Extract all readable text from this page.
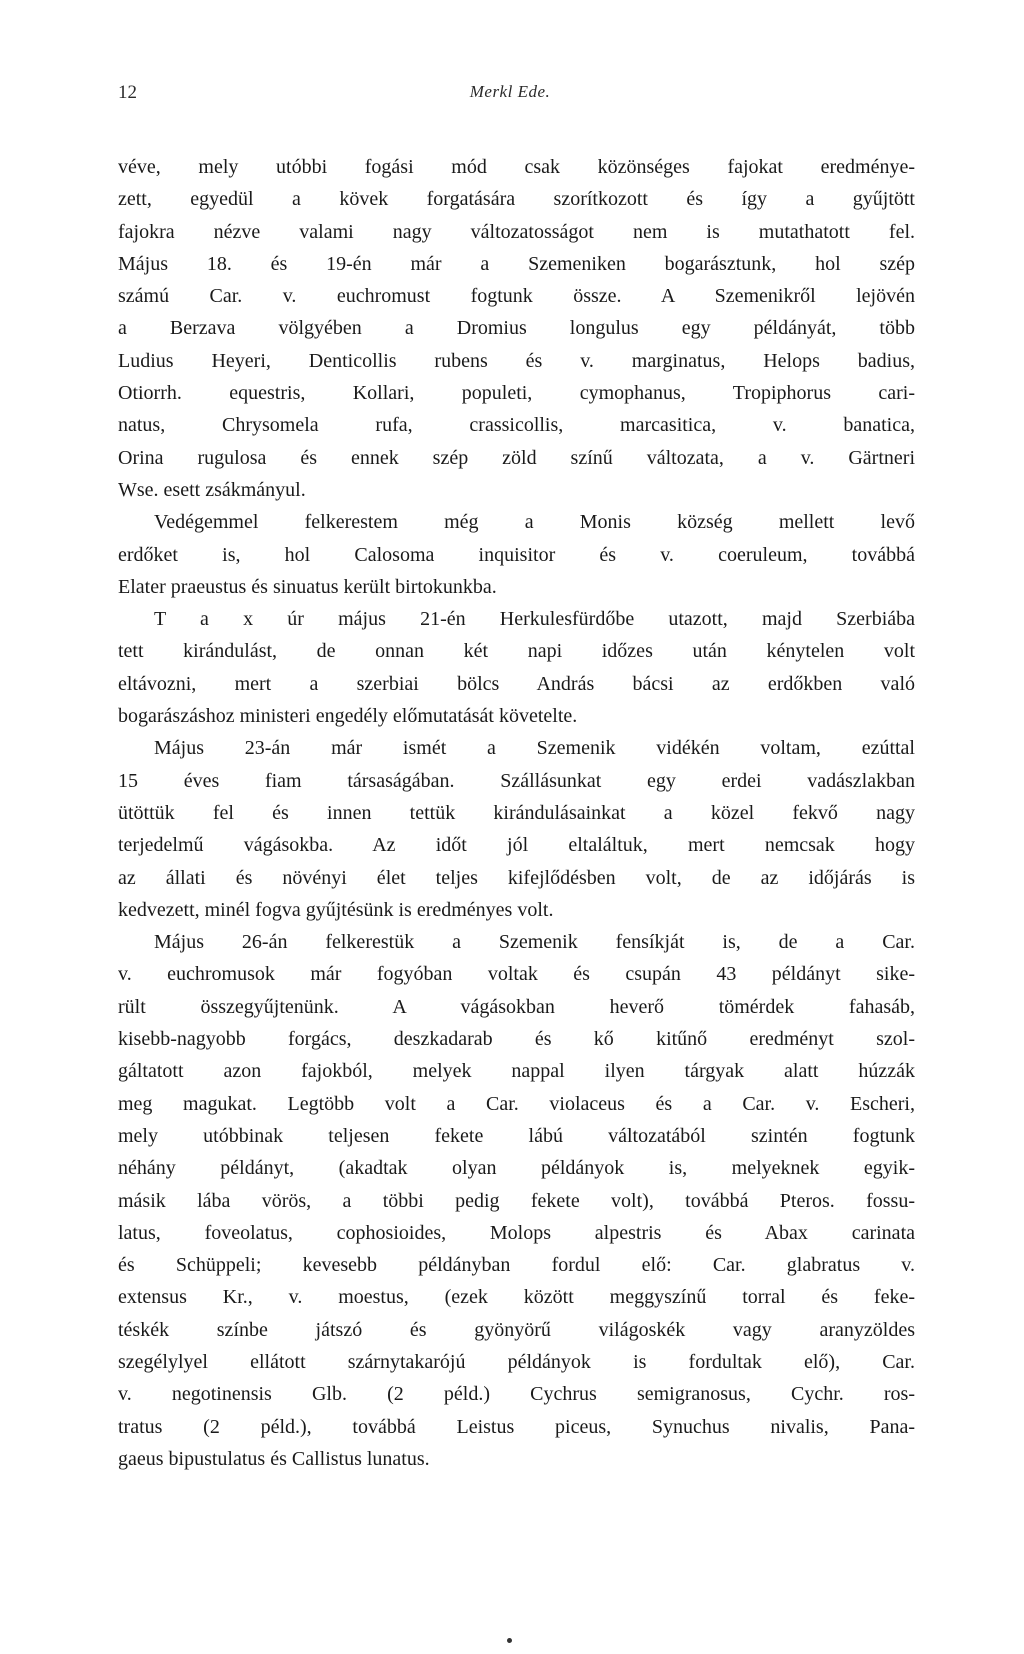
12	Merkl Ede.
véve, mely utóbbi fogási mód csak közönséges fajokat eredménye-
zett, egyedül a kövek forgatására szorítkozott és így a gyűjtött
fajokra nézve valami nagy változatosságot nem is mutathatott fel.
Május 18. és 19-én már a Szemeniken bogarásztunk, hol szép
számú Car. v. euchromust fogtunk össze. A Szemenikről lejövén
a Berzava völgyében a Dromius longulus egy példányát, több
Ludius Heyeri, Denticollis rubens és v. marginatus, Helops badius,
Otiorrh. equestris, Kollari, populeti, cymophanus, Tropiphorus cari-
natus, Chrysomela rufa, crassicollis, marcasitica, v. banatica,
Orina rugulosa és ennek szép zöld színű változata, a v. Gärtneri
Wse. esett zsákmányul.
Vedégemmel felkerestem még a Monis község mellett levő
erdőket is, hol Calosoma inquisitor és v. coeruleum, továbbá
Elater praeustus és sinuatus került birtokunkba.
T a x úr május 21-én Herkulesfürdőbe utazott, majd Szerbiába
tett kirándulást, de onnan két napi időzes után kénytelen volt
eltávozni, mert a szerbiai bölcs András bácsi az erdőkben való
bogarászáshoz ministeri engedély előmutatását követelte.
Május 23-án már ismét a Szemenik vidékén voltam, ezúttal
15 éves fiam társaságában. Szállásunkat egy erdei vadászlakban
ütöttük fel és innen tettük kirándulásainkat a közel fekvő nagy
terjedelmű vágásokba. Az időt jól eltaláltuk, mert nemcsak hogy
az állati és növényi élet teljes kifejlődésben volt, de az időjárás is
kedvezett, minél fogva gyűjtésünk is eredményes volt.
Május 26-án felkerestük a Szemenik fensíkját is, de a Car.
v. euchromusok már fogyóban voltak és csupán 43 példányt sike-
rült összegyűjtenünk. A vágásokban heverő tömérdek fahasáb,
kisebb-nagyobb forgács, deszkadarab és kő kitűnő eredményt szol-
gáltatott azon fajokból, melyek nappal ilyen tárgyak alatt húzzák
meg magukat. Legtöbb volt a Car. violaceus és a Car. v. Escheri,
mely utóbbinak teljesen fekete lábú változatából szintén fogtunk
néhány példányt, (akadtak olyan példányok is, melyeknek egyik-
másik lába vörös, a többi pedig fekete volt), továbbá Pteros. fossu-
latus, foveolatus, cophosioides, Molops alpestris és Abax carinata
és Schüppeli; kevesebb példányban fordul elő: Car. glabratus v.
extensus Kr., v. moestus, (ezek között meggyszínű torral és feke-
téskék színbe játszó és gyönyörű világoskék vagy aranyzöldes
szegélylyel ellátott szárnytakarójú példányok is fordultak elő), Car.
v. negotinensis Glb. (2 péld.) Cychrus semigranosus, Cychr. ros-
tratus (2 péld.), továbbá Leistus piceus, Synuchus nivalis, Pana-
gaeus bipustulatus és Callistus lunatus.
